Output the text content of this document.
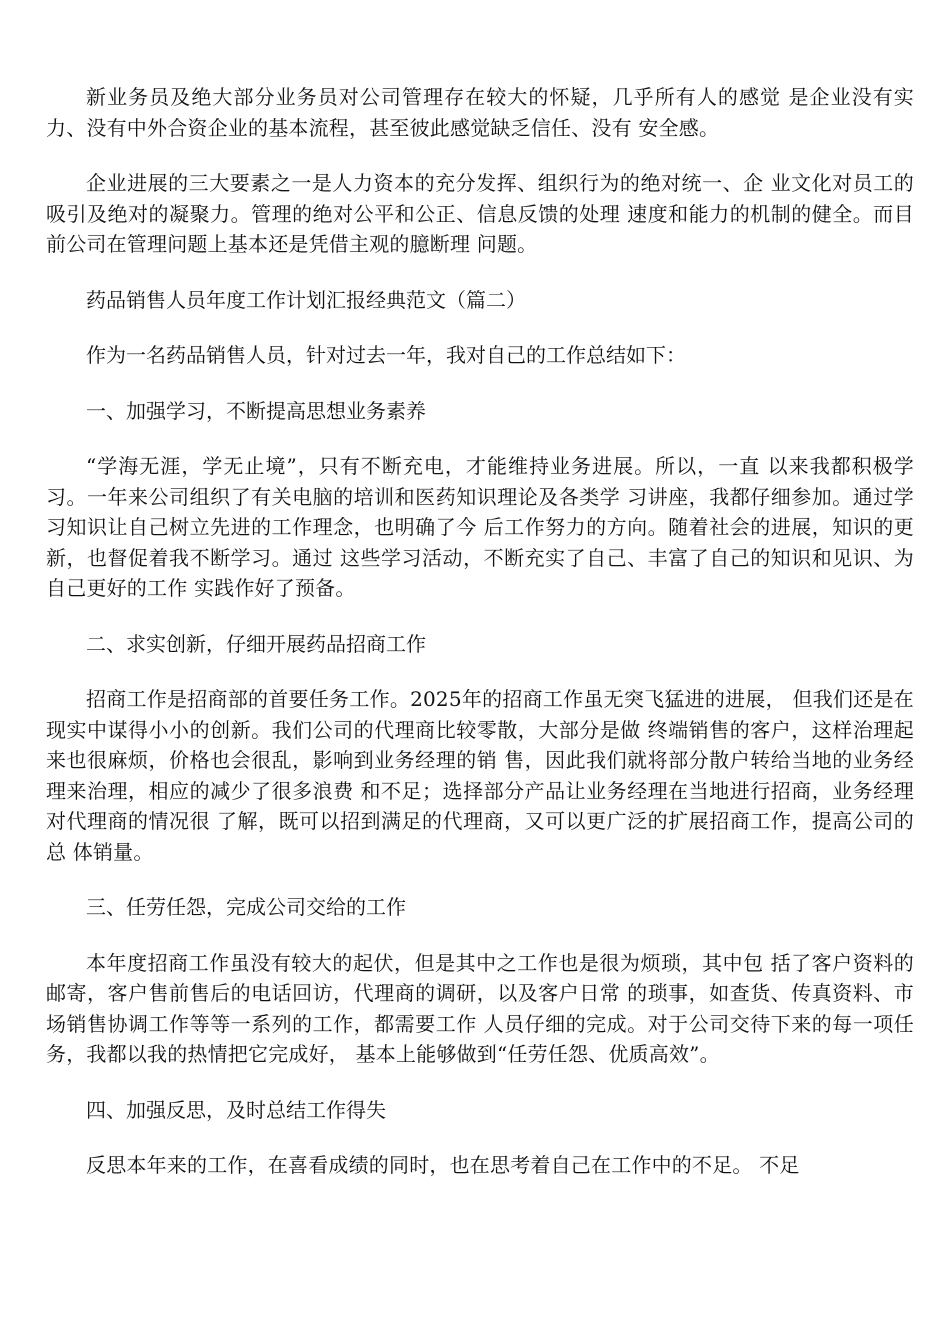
新业务员及绝大部分业务员对公司管理存在较大的怀疑，几乎所有人的感觉 是企业没有实力、没有中外合资企业的基本流程，甚至彼此感觉缺乏信任、没有 安全感。

企业进展的三大要素之一是人力资本的充分发挥、组织行为的绝对统一、企 业文化对员工的吸引及绝对的凝聚力。管理的绝对公平和公正、信息反馈的处理 速度和能力的机制的健全。而目前公司在管理问题上基本还是凭借主观的臆断理 问题。

药品销售人员年度工作计划汇报经典范文（篇二）

作为一名药品销售人员，针对过去一年，我对自己的工作总结如下：

一、加强学习，不断提高思想业务素养

“学海无涯，学无止境”，只有不断充电，才能维持业务进展。所以，一直 以来我都积极学习。一年来公司组织了有关电脑的培训和医药知识理论及各类学 习讲座，我都仔细参加。通过学习知识让自己树立先进的工作理念，也明确了今 后工作努力的方向。随着社会的进展，知识的更新，也督促着我不断学习。通过 这些学习活动，不断充实了自己、丰富了自己的知识和见识、为自己更好的工作 实践作好了预备。

二、求实创新，仔细开展药品招商工作

招商工作是招商部的首要任务工作。2025年的招商工作虽无突飞猛进的进展， 但我们还是在现实中谋得小小的创新。我们公司的代理商比较零散，大部分是做 终端销售的客户，这样治理起来也很麻烦，价格也会很乱，影响到业务经理的销 售，因此我们就将部分散户转给当地的业务经理来治理，相应的减少了很多浪费 和不足；选择部分产品让业务经理在当地进行招商，业务经理对代理商的情况很 了解，既可以招到满足的代理商，又可以更广泛的扩展招商工作，提高公司的总 体销量。

三、任劳任怨，完成公司交给的工作

本年度招商工作虽没有较大的起伏，但是其中之工作也是很为烦琐，其中包 括了客户资料的邮寄，客户售前售后的电话回访，代理商的调研，以及客户日常 的琐事，如查货、传真资料、市场销售协调工作等等一系列的工作，都需要工作 人员仔细的完成。对于公司交待下来的每一项任务，我都以我的热情把它完成好， 基本上能够做到“任劳任怨、优质高效”。

四、加强反思，及时总结工作得失

反思本年来的工作，在喜看成绩的同时，也在思考着自己在工作中的不足。 不足
